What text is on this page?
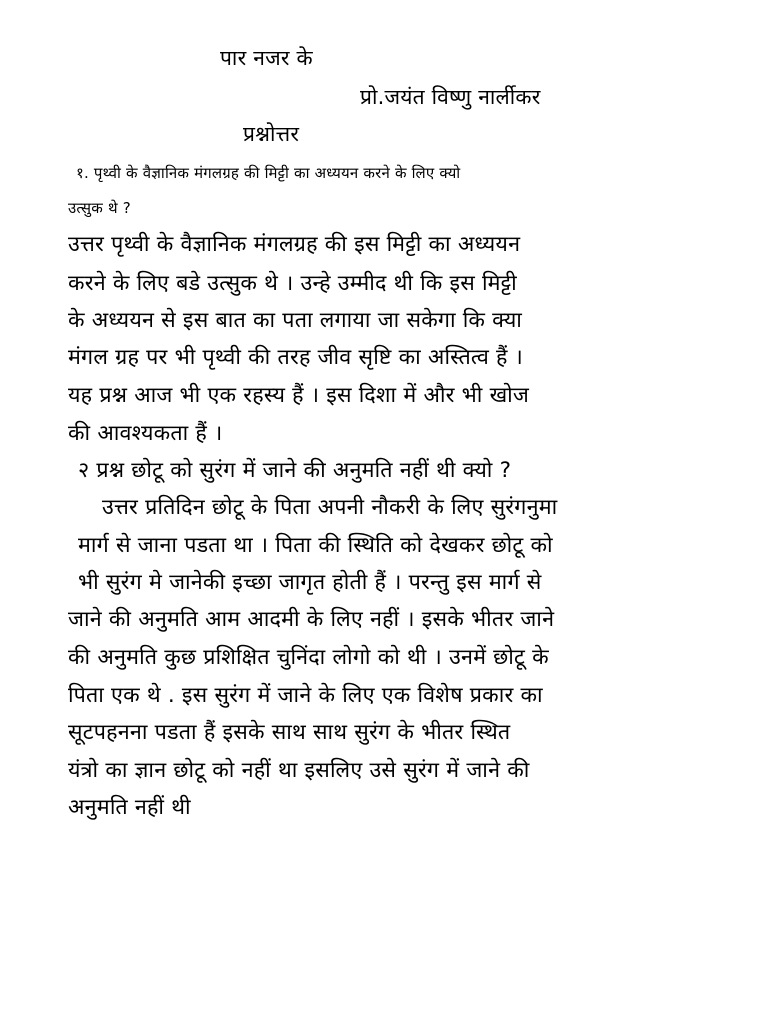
पार नजर के
प्रो.जयंत विष्णु नार्लीकर
प्रश्नोत्तर
१. पृथ्वी के वैज्ञानिक मंगलग्रह की मिट्टी का अध्ययन करने के लिए क्यो
उत्सुक थे ?
उत्तर पृथ्वी के वैज्ञानिक मंगलग्रह की इस मिट्टी का अध्ययन
करने के लिए बडे उत्सुक थे । उन्हे उम्मीद थी कि इस मिट्टी
के अध्ययन से इस बात का पता लगाया जा सकेगा कि क्या
मंगल ग्रह पर भी पृथ्वी की तरह जीव सृष्टि का अस्तित्व हैं ।
यह प्रश्न आज भी एक रहस्य हैं । इस दिशा में और भी खोज
की आवश्यकता हैं ।
२ प्रश्न छोटू को सुरंग में जाने की अनुमति नहीं थी क्यो ?
उत्तर प्रतिदिन छोटू के पिता अपनी नौकरी के लिए सुरंगनुमा
मार्ग से जाना पडता था । पिता की स्थिति को देखकर छोटू को
भी सुरंग मे जानेकी इच्छा जागृत होती हैं । परन्तु इस मार्ग से
जाने की अनुमति आम आदमी के लिए नहीं । इसके भीतर जाने
की अनुमति कुछ प्रशिक्षित चुनिंदा लोगो को थी । उनमें छोटू के
पिता एक थे . इस सुरंग में जाने के लिए एक विशेष प्रकार का
सूटपहनना पडता हैं इसके साथ साथ सुरंग के भीतर स्थित
यंत्रो का ज्ञान छोटू को नहीं था इसलिए उसे सुरंग में जाने की
अनुमति नहीं थी
